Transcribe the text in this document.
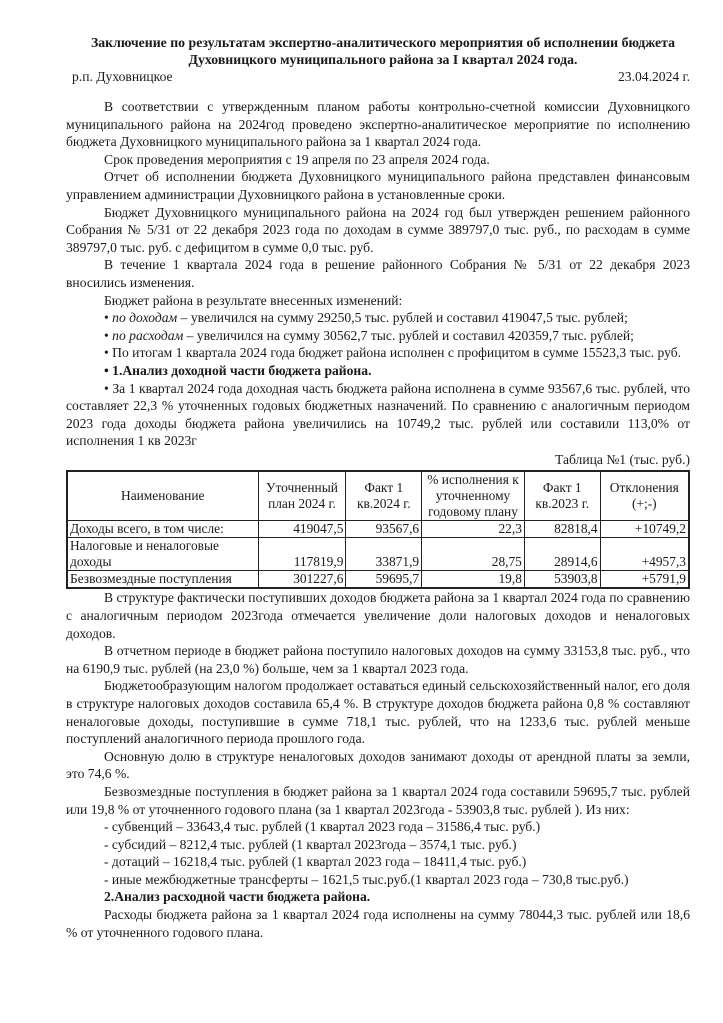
Заключение по результатам экспертно-аналитического мероприятия об исполнении бюджета
Духовницкого муниципального района за I квартал 2024 года.
р.п. Духовницкое	23.04.2024 г.

В соответствии с утвержденным планом работы контрольно-счетной комиссии Духовницкого муниципального района на 2024год проведено экспертно-аналитическое мероприятие по исполнению бюджета Духовницкого муниципального района за 1 квартал 2024 года.

Срок проведения мероприятия с 19 апреля по 23 апреля 2024 года.

Отчет об исполнении бюджета Духовницкого муниципального района представлен финансовым управлением администрации Духовницкого района в установленные сроки.

Бюджет Духовницкого муниципального района на 2024 год был утвержден решением районного Собрания № 5/31 от 22 декабря 2023 года по доходам в сумме 389797,0 тыс. руб., по расходам в сумме 389797,0 тыс. руб. с дефицитом в сумме 0,0 тыс. руб.

В течение 1 квартала 2024 года в решение районного Собрания № 5/31 от 22 декабря 2023 вносились изменения.

Бюджет района в результате внесенных изменений:

• по доходам – увеличился на сумму 29250,5 тыс. рублей и составил 419047,5 тыс. рублей;

• по расходам – увеличился на сумму 30562,7 тыс. рублей и составил 420359,7 тыс. рублей;

• По итогам 1 квартала 2024 года бюджет района исполнен с профицитом в сумме 15523,3 тыс. руб.

• 1.Анализ доходной части бюджета района.

• За 1 квартал 2024 года доходная часть бюджета района исполнена в сумме 93567,6 тыс. рублей, что составляет 22,3 % уточненных годовых бюджетных назначений. По сравнению с аналогичным периодом 2023 года доходы бюджета района увеличились на 10749,2 тыс. рублей или составили 113,0% от исполнения 1 кв 2023г

Таблица №1 (тыс. руб.)
Наименование	Уточненный план 2024 г.	Факт 1 кв.2024 г.	% исполнения к уточненному годовому плану	Факт 1 кв.2023 г.	Отклонения (+;-)
Доходы всего, в том числе:	419047,5	93567,6	22,3	82818,4	+10749,2
Налоговые и неналоговые доходы	117819,9	33871,9	28,75	28914,6	+4957,3
Безвозмездные поступления	301227,6	59695,7	19,8	53903,8	+5791,9

В структуре фактически поступивших доходов бюджета района за 1 квартал 2024 года по сравнению с аналогичным периодом 2023года отмечается увеличение доли налоговых доходов и неналоговых доходов.

В отчетном периоде в бюджет района поступило налоговых доходов на сумму 33153,8 тыс. руб., что на 6190,9 тыс. рублей (на 23,0 %) больше, чем за 1 квартал 2023 года.

Бюджетообразующим налогом продолжает оставаться единый сельскохозяйственный налог, его доля в структуре налоговых доходов составила 65,4 %. В структуре доходов бюджета района 0,8 % составляют неналоговые доходы, поступившие в сумме 718,1 тыс. рублей, что на 1233,6 тыс. рублей меньше поступлений аналогичного периода прошлого года.

Основную долю в структуре неналоговых доходов занимают доходы от арендной платы за земли, это 74,6 %.

Безвозмездные поступления в бюджет района за 1 квартал 2024 года составили 59695,7 тыс. рублей или 19,8 % от уточненного годового плана (за 1 квартал 2023года - 53903,8 тыс. рублей ). Из них:

- субвенций – 33643,4 тыс. рублей (1 квартал 2023 года – 31586,4 тыс. руб.)

- субсидий – 8212,4 тыс. рублей (1 квартал 2023года – 3574,1 тыс. руб.)

- дотаций – 16218,4 тыс. рублей (1 квартал 2023 года – 18411,4 тыс. руб.)

- иные межбюджетные трансферты – 1621,5 тыс.руб.(1 квартал 2023 года – 730,8 тыс.руб.)

2.Анализ расходной части бюджета района.

Расходы бюджета района за 1 квартал 2024 года исполнены на сумму 78044,3 тыс. рублей или 18,6 % от уточненного годового плана.
